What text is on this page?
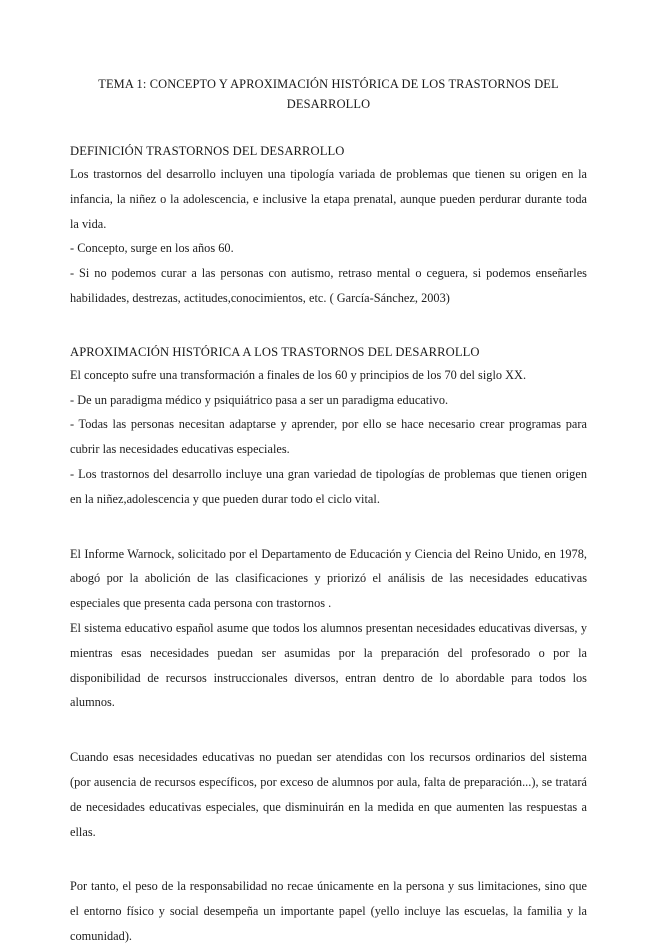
TEMA 1: CONCEPTO Y APROXIMACIÓN HISTÓRICA DE LOS TRASTORNOS DEL DESARROLLO
DEFINICIÓN TRASTORNOS DEL DESARROLLO

Los trastornos del desarrollo incluyen una tipología variada de problemas que tienen su origen en la infancia, la niñez o la adolescencia, e inclusive la etapa prenatal, aunque pueden perdurar durante toda la vida.

- Concepto, surge en los años 60.

- Si no podemos curar a las personas con autismo, retraso mental o ceguera, si podemos enseñarles habilidades, destrezas, actitudes,conocimientos, etc. ( García-Sánchez, 2003)

APROXIMACIÓN HISTÓRICA A LOS TRASTORNOS DEL DESARROLLO

El concepto sufre una transformación a finales de los 60 y principios de los 70 del siglo XX.

- De un paradigma médico y psiquiátrico pasa a ser un paradigma educativo.

- Todas las personas necesitan adaptarse y aprender, por ello se hace necesario crear programas para cubrir las necesidades educativas especiales.

- Los trastornos del desarrollo incluye una gran variedad de tipologías de problemas que tienen origen en la niñez,adolescencia y que pueden durar todo el ciclo vital.

El Informe Warnock, solicitado por el Departamento de Educación y Ciencia del Reino Unido, en 1978, abogó por la abolición de las clasificaciones y priorizó el análisis de las necesidades educativas especiales que presenta cada persona con trastornos .

El sistema educativo español asume que todos los alumnos presentan necesidades educativas diversas, y mientras esas necesidades puedan ser asumidas por la preparación del profesorado o por la disponibilidad de recursos instruccionales diversos, entran dentro de lo abordable para todos los alumnos.

Cuando esas necesidades educativas no puedan ser atendidas con los recursos ordinarios del sistema (por ausencia de recursos específicos, por exceso de alumnos por aula, falta de preparación...), se tratará de necesidades educativas especiales, que disminuirán en la medida en que aumenten las respuestas a ellas.

Por tanto, el peso de la responsabilidad no recae únicamente en la persona y sus limitaciones, sino que el entorno físico y social desempeña un importante papel (yello incluye las escuelas, la familia y la comunidad).
